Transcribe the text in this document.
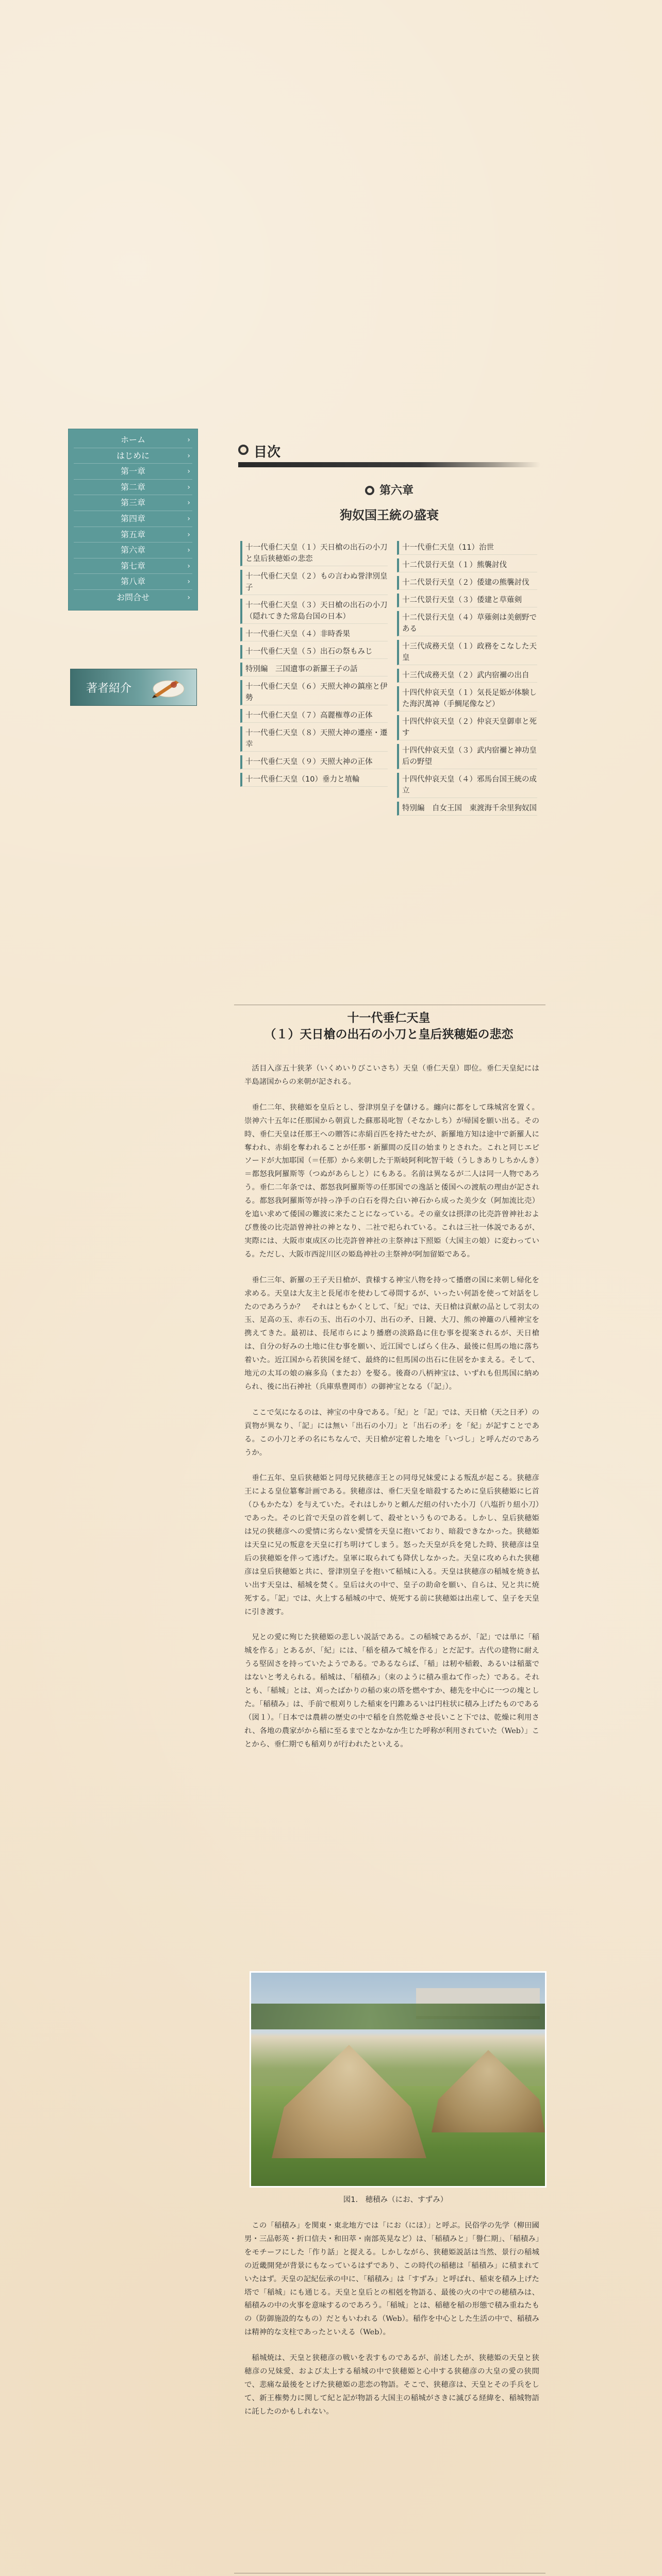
ホーム	›
はじめに	›
第一章	›
第二章	›
第三章	›
第四章	›
第五章	›
第六章	›
第七章	›
第八章	›
お問合せ	›
著者紹介
目次
第六章
狗奴国王統の盛衰
十一代垂仁天皇（１）天日槍の出石の小刀と皇后狭穂姫の悲恋
十一代垂仁天皇（２）もの言わぬ誉津別皇子
十一代垂仁天皇（３）天日槍の出石の小刀（隠れてきた常島台国の日本）
十一代垂仁天皇（４）非時香果
十一代垂仁天皇（５）出石の祭もみじ
特別編　三国遺事の新羅王子の話
十一代垂仁天皇（６）天照大神の鎮座と伊勢
十一代垂仁天皇（７）高麗権尊の正体
十一代垂仁天皇（８）天照大神の遷座・遷幸
十一代垂仁天皇（９）天照大神の正体
十一代垂仁天皇（10）垂力と埴輪
十一代垂仁天皇（11）治世
十二代景行天皇（１）熊襲討伐
十二代景行天皇（２）倭建の熊襲討伐
十二代景行天皇（３）倭建と草薙剣
十二代景行天皇（４）草薙剣は美劍野である
十三代成務天皇（１）政務をこなした天皇
十三代成務天皇（２）武内宿禰の出自
十四代仲哀天皇（１）気長足姫が体験した海沢萬神（手鯛尾像など）
十四代仲哀天皇（２）仲哀天皇御車と死す
十四代仲哀天皇（３）武内宿禰と神功皇后の野望
十四代仲哀天皇（４）邪馬台国王統の成立
特別編　自女王国　東渡海千余里狗奴国
十一代垂仁天皇
（１）天日槍の出石の小刀と皇后狭穂姫の悲恋

活目入彦五十狭茅（いくめいりびこいさち）天皇（垂仁天皇）即位。垂仁天皇紀には半島諸国からの来朝が記される。

垂仁二年、狭穂姫を皇后とし、誉津別皇子を儲ける。纏向に都をして珠城宮を置く。崇神六十五年に任那国から朝貢した蘇那曷叱智（そなかしち）が帰国を願い出る。その時、垂仁天皇は任那王への贈答に赤絹百匹を持たせたが、新羅地方知は途中で新羅人に奪われ、赤絹を奪われることが任那・新羅間の反目の始まりとされた。これと同じエピソードが大加耶国（＝任那）から来朝した于斯岐阿利叱智干岐（うしきありしちかんき）＝都怒我阿羅斯等（つぬがあらしと）にもある。名前は異なるが二人は同一人物であろう。垂仁二年条では、都怒我阿羅斯等の任那国での逸話と倭国への渡航の理由が記される。都怒我阿羅斯等が持っ净手の白石を得た白い神石から成った美少女（阿加流比売）を追い求めて倭国の難波に来たことになっている。その童女は摂津の比売許曽神社および豊後の比売語曽神社の神となり、二社で祀られている。これは三社一体説であるが、実際には、大阪市東成区の比売許曽神社の主祭神は下照姫（大国主の娘）に変わっている。ただし、大阪市西淀川区の姫島神社の主祭神が阿加留姫である。

垂仁三年、新羅の王子天日槍が、貴様する神宝八物を持って播磨の国に来朝し帰化を求める。天皇は大友主と長尾市を使わして尋問するが、いったい何語を使って対話をしたのであろうか？　それはともかくとして、「紀」では、天日槍は貢献の品として羽太の玉、足高の玉、赤石の玉、出石の小刀、出石の矛、日鏡、大刀、熊の神籬の八種神宝を携えてきた。最初は、長尾市らにより播磨の淡路島に住む事を提案されるが、天日槍は、自分の好みの土地に住む事を願い、近江国でしばらく住み、最後に但馬の地に落ち着いた。近江国から若狭国を経て、最終的に但馬国の出石に住居をかまえる。そして、地元の太耳の娘の麻多烏（またお）を娶る。後裔の八柄神宝は、いずれも但馬国に納められ、後に出石神社（兵庫県豊岡市）の御神宝となる（「記」）。

ここで気になるのは、神宝の中身である。「紀」と「記」では、天日槍（天之日矛）の貢物が異なり、「記」には無い「出石の小刀」と「出石の矛」を「紀」が記すことである。この小刀と矛の名にちなんで、天日槍が定着した地を「いづし」と呼んだのであろうか。

垂仁五年、皇后狭穂姫と同母兄狭穂彦王との同母兄妹愛による叛乱が起こる。狭穂彦王による皇位簒奪計画である。狭穂彦は、垂仁天皇を暗殺するために皇后狭穂姫に匕首（ひもかたな）を与えていた。それはしかりと頼んだ紐の付いた小刀（八塩折り紐小刀）であった。その匕首で天皇の首を刺して、殺せというものである。しかし、皇后狭穂姫は兄の狭穂彦への愛情に劣らない愛情を天皇に抱いており、暗殺できなかった。狭穂姫は天皇に兄の叛意を天皇に打ち明けてしまう。怒った天皇が兵を発した時、狭穂彦は皇后の狭穂姫を伴って逃げた。皇軍に取られても降伏しなかった。天皇に攻められた狭穂彦は皇后狭穂姫と共に、誉津別皇子を抱いて稲城に入る。天皇は狭穂彦の稲城を焼き払い出す天皇は、稲城を焚く。皇后は火の中で、皇子の助命を願い、自らは、兄と共に焼死する。「記」では、火上する稲城の中で、焼死する前に狭穂姫は出産して、皇子を天皇に引き渡す。

兄との愛に殉じた狭穂姫の悲しい説話である。この稲城であるが、「記」では単に「稲城を作る」とあるが、「紀」には、「稲を積みて城を作る」とだ記す。古代の建物に耐えうる堅固さを持っていたようである。であるならば、「稲」は籾や稲穀、あるいは稲藁ではないと考えられる。稲城は、「稲積み」（束のように積み重ねて作った）である。それとも、「稲城」とは、刈ったばかりの稲の束の塔を燃やすか、穂先を中心に一つの塊とした。「稲積み」は、手前で根刈りした稲束を円錐あるいは円柱状に積み上げたものである（図１）。「日本では農耕の歴史の中で稲を自然乾燥させ長いこと下では、乾燥に利用され、各地の農家がから稲に至るまでとなかなか生じた呼称が利用されていた（Web）」ことから、垂仁期でも稲刈りが行われたといえる。

図1.　穂積み（にお、すずみ）

この「稲積み」を関東・東北地方では「にお（にほ）」と呼ぶ。民俗学の先学（柳田國男・三品彰英・折口信夫・和田萃・南部英晃など）は、「稲積みと」「譽仁期」、「稲積み」をモチーフにした「作り話」と捉える。しかしながら、狭穂姫説話は当然、景行の稲城の近畿開発が背景にもなっているはずであり、この時代の稲穂は「稲積み」に積まれていたはず。天皇の記紀伝承の中に、「稲積み」は「すずみ」と呼ばれ、稲束を積み上げた塔で「稲城」にも通じる。天皇と皇后との相剋を物語る、最後の火の中での穂積みは、稲積みの中の火事を意味するのであろう。「稲城」とは、稲穂を稲の形態で積み重ねたもの（防御施設的なもの）だともいわれる（Web）。稲作を中心とした生活の中で、稲積みは精神的な支柱であったといえる（Web）。

稲城焼は、天皇と狭穂彦の戦いを表すものであるが、前述したが、狭穂姫の天皇と狭穂彦の兄妹愛、および太上する稲城の中で狭穂姫と心中する狭穂彦の大皇の愛の狭間で、悲痛な最後をとげた狭穂姫の悲恋の物語。そこで、狭穂彦は、天皇とその手兵をして、新王権勢力に関して紀と記が物語る大国主の稲城がさきに滅びる経緯を、稲城物語に託したのかもしれない。
